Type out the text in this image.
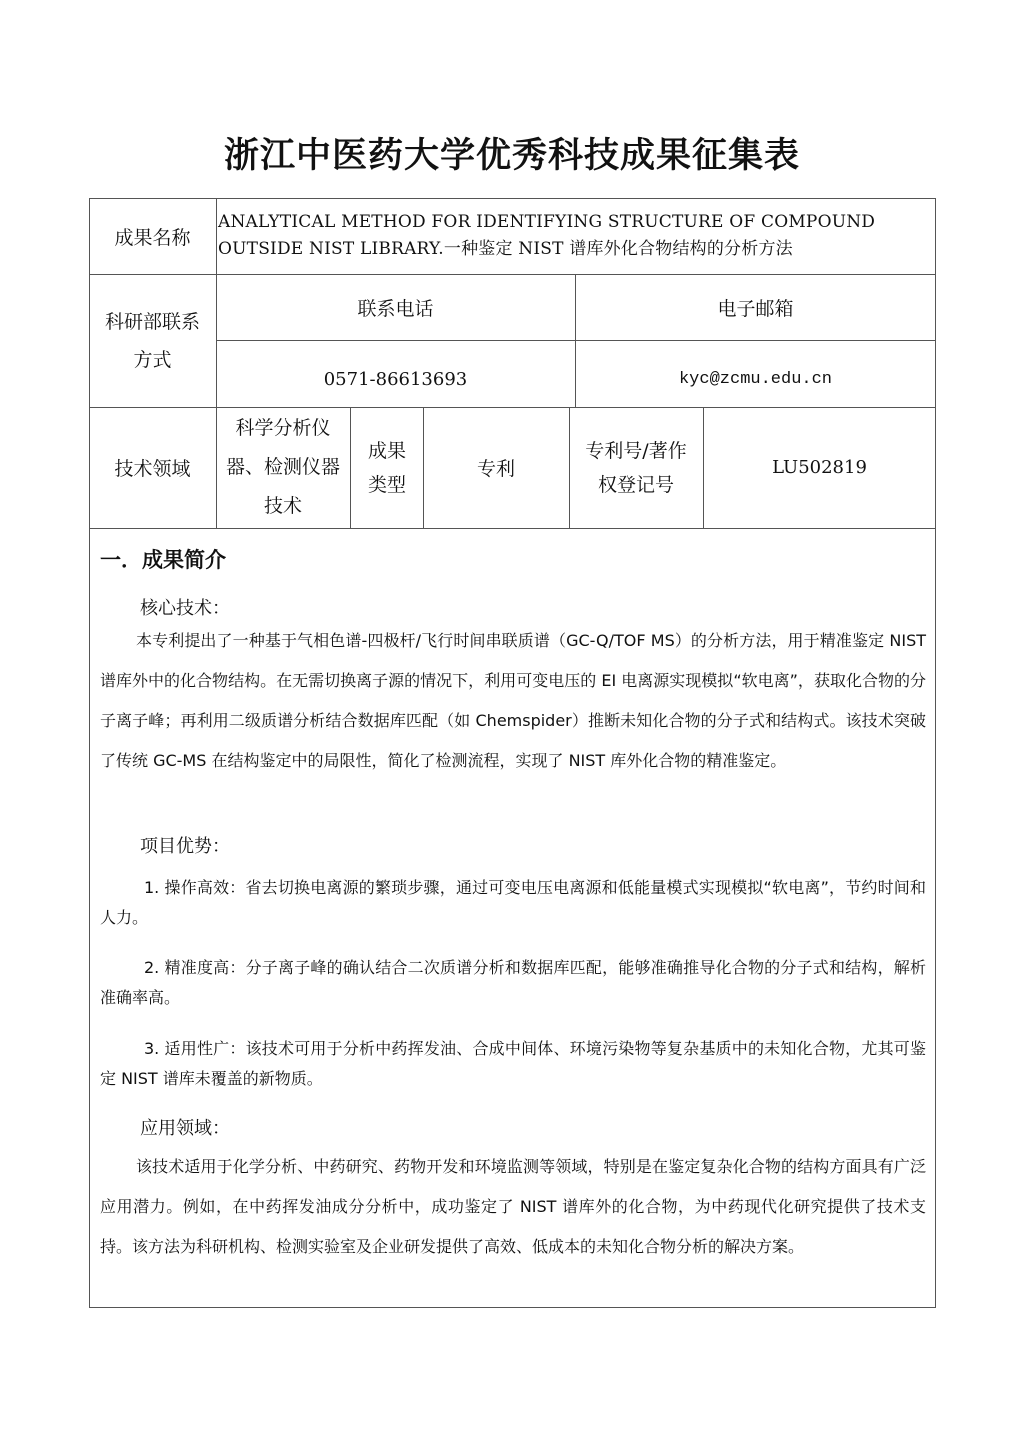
浙江中医药大学优秀科技成果征集表
成果名称
ANALYTICAL METHOD FOR IDENTIFYING STRUCTURE OF COMPOUND OUTSIDE NIST LIBRARY.一种鉴定 NIST 谱库外化合物结构的分析方法
科研部联系方式
联系电话	电子邮箱
0571-86613693	kyc@zcmu.edu.cn
技术领域
科学分析仪器、检测仪器技术
成果类型
专利
专利号/著作权登记号
LU502819
一．成果简介
核心技术：
本专利提出了一种基于气相色谱-四极杆/飞行时间串联质谱（GC-Q/TOF MS）的分析方法，用于精准鉴定 NIST 谱库外中的化合物结构。在无需切换离子源的情况下，利用可变电压的 EI 电离源实现模拟“软电离”，获取化合物的分子离子峰；再利用二级质谱分析结合数据库匹配（如 Chemspider）推断未知化合物的分子式和结构式。该技术突破了传统 GC-MS 在结构鉴定中的局限性，简化了检测流程，实现了 NIST 库外化合物的精准鉴定。
项目优势：
1. 操作高效：省去切换电离源的繁琐步骤，通过可变电压电离源和低能量模式实现模拟“软电离”，节约时间和人力。
2. 精准度高：分子离子峰的确认结合二次质谱分析和数据库匹配，能够准确推导化合物的分子式和结构，解析准确率高。
3. 适用性广：该技术可用于分析中药挥发油、合成中间体、环境污染物等复杂基质中的未知化合物，尤其可鉴定 NIST 谱库未覆盖的新物质。
应用领域：
该技术适用于化学分析、中药研究、药物开发和环境监测等领域，特别是在鉴定复杂化合物的结构方面具有广泛应用潜力。例如，在中药挥发油成分分析中，成功鉴定了 NIST 谱库外的化合物，为中药现代化研究提供了技术支持。该方法为科研机构、检测实验室及企业研发提供了高效、低成本的未知化合物分析的解决方案。
